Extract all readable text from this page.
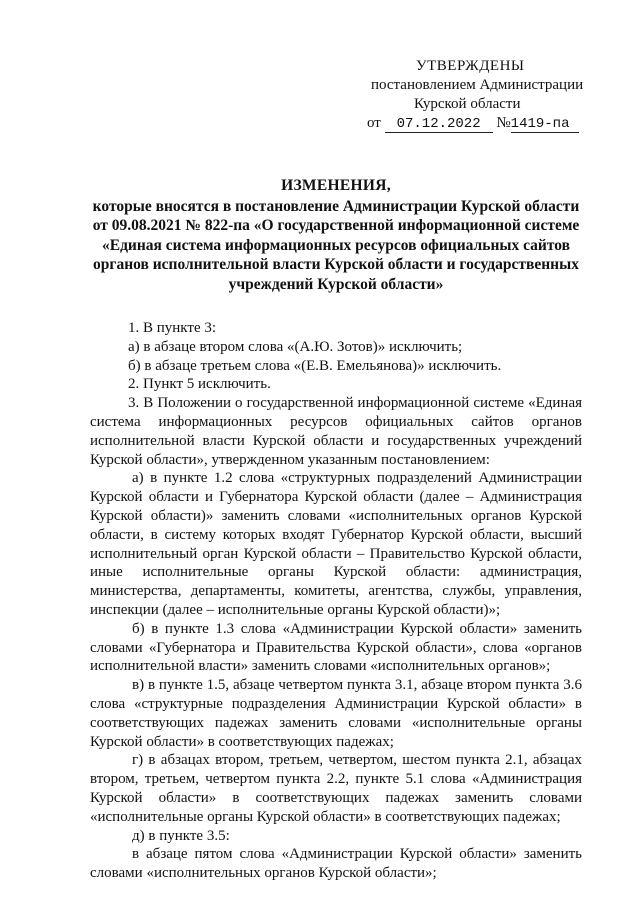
УТВЕРЖДЕНЫ
постановлением Администрации
Курской области
от 07.12.2022 №1419-па
ИЗМЕНЕНИЯ,
которые вносятся в постановление Администрации Курской области
от 09.08.2021 № 822-па «О государственной информационной системе
«Единая система информационных ресурсов официальных сайтов
органов исполнительной власти Курской области и государственных
учреждений Курской области»

1. В пункте 3:

а) в абзаце втором слова «(А.Ю. Зотов)» исключить;

б) в абзаце третьем слова «(Е.В. Емельянова)» исключить.

2. Пункт 5 исключить.

3. В Положении о государственной информационной системе «Единая система информационных ресурсов официальных сайтов органов исполнительной власти Курской области и государственных учреждений Курской области», утвержденном указанным постановлением:

а) в пункте 1.2 слова «структурных подразделений Администрации Курской области и Губернатора Курской области (далее – Администрация Курской области)» заменить словами «исполнительных органов Курской области, в систему которых входят Губернатор Курской области, высший исполнительный орган Курской области – Правительство Курской области, иные исполнительные органы Курской области: администрация, министерства, департаменты, комитеты, агентства, службы, управления, инспекции (далее – исполнительные органы Курской области)»;

б) в пункте 1.3 слова «Администрации Курской области» заменить словами «Губернатора и Правительства Курской области», слова «органов исполнительной власти» заменить словами «исполнительных органов»;

в) в пункте 1.5, абзаце четвертом пункта 3.1, абзаце втором пункта 3.6 слова «структурные подразделения Администрации Курской области» в соответствующих падежах заменить словами «исполнительные органы Курской области» в соответствующих падежах;

г) в абзацах втором, третьем, четвертом, шестом пункта 2.1, абзацах втором, третьем, четвертом пункта 2.2, пункте 5.1 слова «Администрация Курской области» в соответствующих падежах заменить словами «исполнительные органы Курской области» в соответствующих падежах;

д) в пункте 3.5:

в абзаце пятом слова «Администрации Курской области» заменить словами «исполнительных органов Курской области»;
